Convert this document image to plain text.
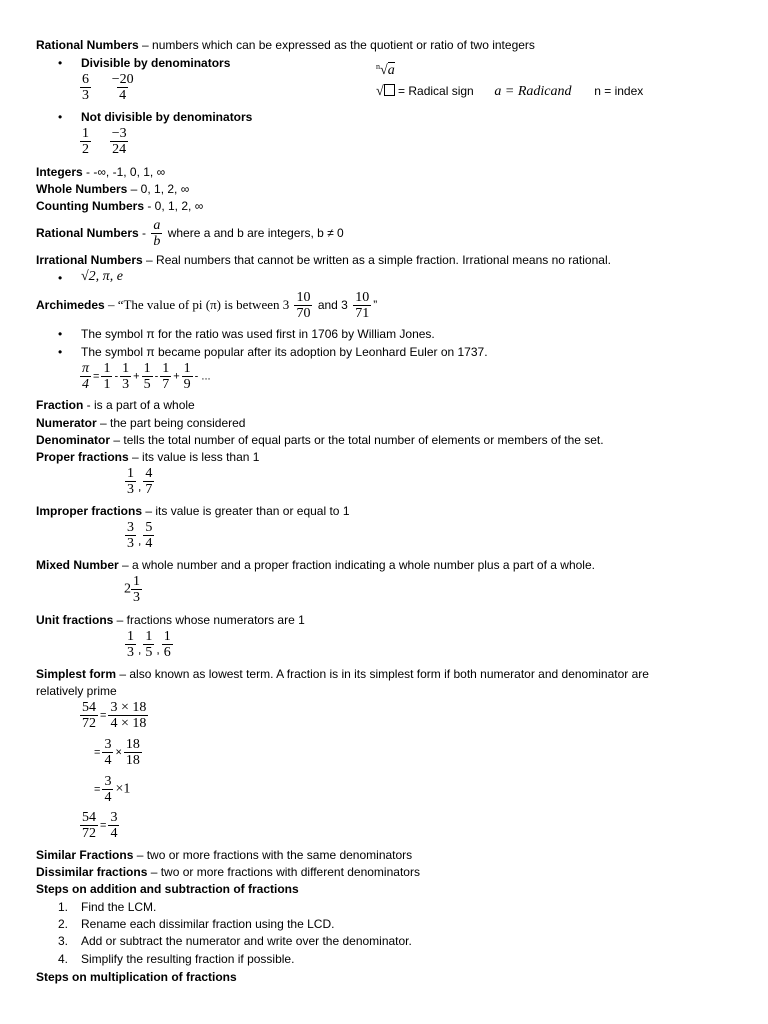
Rational Numbers – numbers which can be expressed as the quotient or ratio of two integers
• Divisible by denominators
$\frac{6}{3}$
$\frac{-20}{4}$
$^n$√a
√ = Radical sign a = Radicand n = index
• Not divisible by denominators
$\frac{1}{2}$
$\frac{-3}{24}$
Integers - -∞, -1, 0, 1, ∞
Whole Numbers – 0, 1, 2, ∞
Counting Numbers - 0, 1, 2, ∞
Rational Numbers - $\frac{a}{b}$ where a and b are integers, b ≠ 0
Irrational Numbers – Real numbers that cannot be written as a simple fraction. Irrational means no rational.
• √2, π, e
Archimedes – “The value of pi (π) is between $3 \frac{10}{70}$ and $3 \frac{10}{71}$ ”
• The symbol π for the ratio was used first in 1706 by William Jones.
• The symbol π became popular after its adoption by Leonhard Euler on 1737.
$\frac{\pi}{4} = \frac{1}{1} - \frac{1}{3} + \frac{1}{5} - \frac{1}{7} + \frac{1}{9}$ - ...
Fraction - is a part of a whole
Numerator – the part being considered
Denominator – tells the total number of equal parts or the total number of elements or members of the set.
Proper fractions – its value is less than 1
$\frac{1}{3}$ , $\frac{4}{7}$
Improper fractions – its value is greater than or equal to 1
$\frac{3}{3}$ , $\frac{5}{4}$
Mixed Number – a whole number and a proper fraction indicating a whole number plus a part of a whole.
$2 \frac{1}{3}$
Unit fractions – fractions whose numerators are 1
$\frac{1}{3}$ , $\frac{1}{5}$ , $\frac{1}{6}$
Simplest form – also known as lowest term. A fraction is in its simplest form if both numerator and denominator are
relatively prime
$\frac{54}{72} = \frac{3 \times 18}{4 \times 18}$
= $\frac{3}{4} \times \frac{18}{18}$
= $\frac{3}{4} \times 1$
$\frac{54}{72} = \frac{3}{4}$
Similar Fractions – two or more fractions with the same denominators
Dissimilar fractions – two or more fractions with different denominators
Steps on addition and subtraction of fractions
1. Find the LCM.
2. Rename each dissimilar fraction using the LCD.
3. Add or subtract the numerator and write over the denominator.
4. Simplify the resulting fraction if possible.
Steps on multiplication of fractions
